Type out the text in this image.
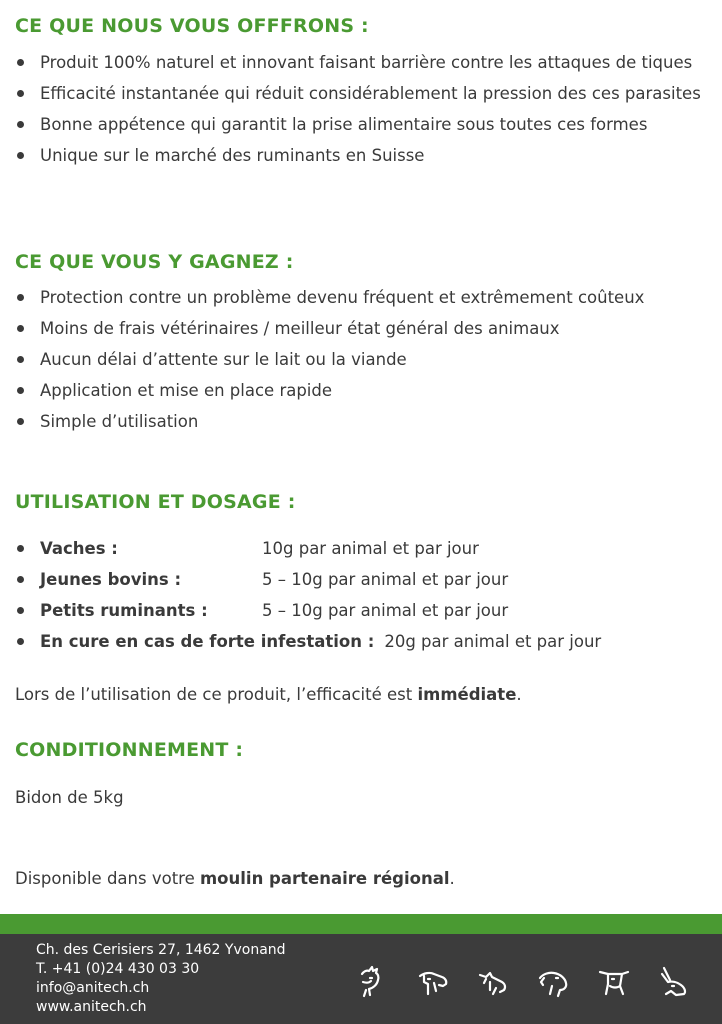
CE QUE NOUS VOUS OFFFRONS :
Produit 100% naturel et innovant faisant barrière contre les attaques de tiques
Efficacité instantanée qui réduit considérablement la pression des ces parasites
Bonne appétence qui garantit la prise alimentaire sous toutes ces formes
Unique sur le marché des ruminants en Suisse
CE QUE VOUS Y GAGNEZ :
Protection contre un problème devenu fréquent et extrêmement coûteux
Moins de frais vétérinaires / meilleur état général des animaux
Aucun délai d’attente sur le lait ou la viande
Application et mise en place rapide
Simple d’utilisation
UTILISATION ET DOSAGE :
Vaches :	10g par animal et par jour
Jeunes bovins :	5 – 10g par animal et par jour
Petits ruminants :	5 – 10g par animal et par jour
En cure en cas de forte infestation : 20g par animal et par jour

Lors de l’utilisation de ce produit, l’efficacité est immédiate.

CONDITIONNEMENT :

Bidon de 5kg

Disponible dans votre moulin partenaire régional.

Ch. des Cerisiers 27, 1462 Yvonand
T. +41 (0)24 430 03 30
info@anitech.ch
www.anitech.ch
